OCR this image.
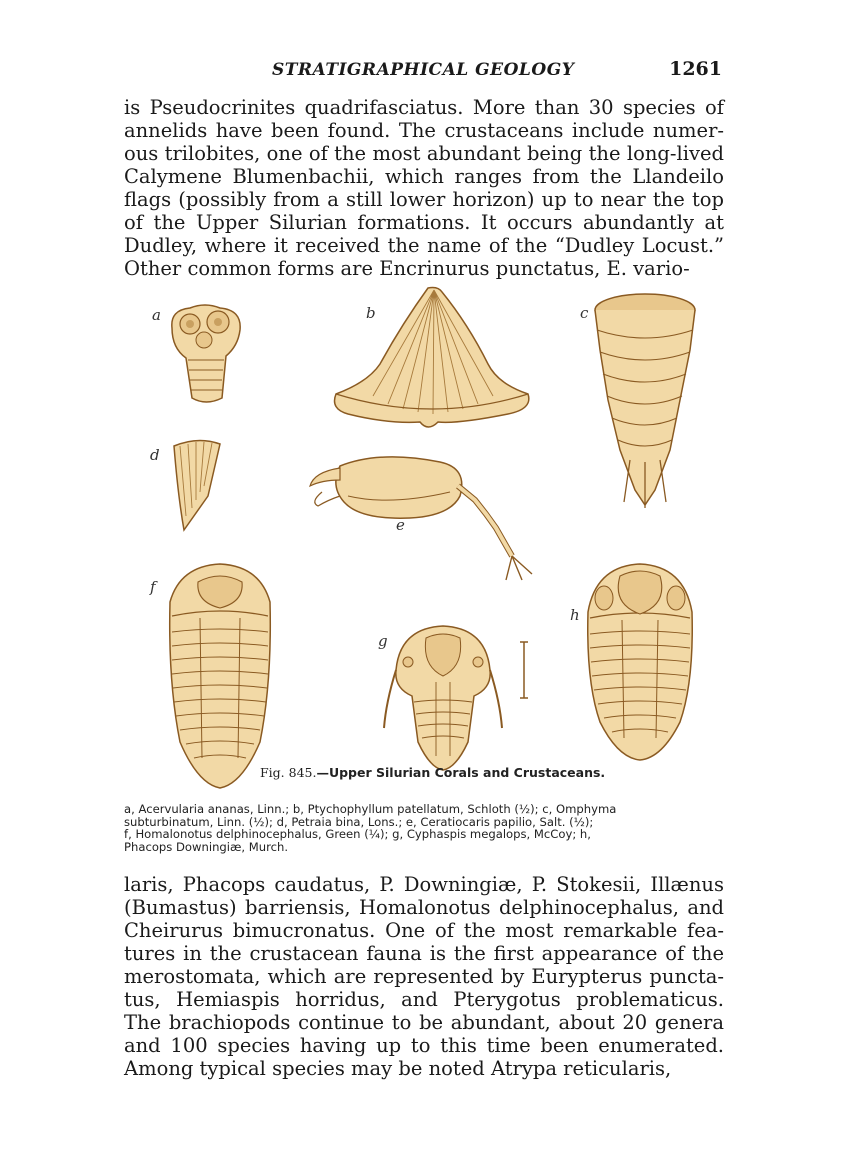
STRATIGRAPHICAL GEOLOGY	1261
is Pseudocrinites quadrifasciatus. More than 30 species of
annelids have been found. The crustaceans include numer-
ous trilobites, one of the most abundant being the long-lived
Calymene Blumenbachii, which ranges from the Llandeilo
flags (possibly from a still lower horizon) up to near the top
of the Upper Silurian formations. It occurs abundantly at
Dudley, where it received the name of the “Dudley Locust.”
Other common forms are Encrinurus punctatus, E. vario-
a	b	c
d
e
f
g
h
Fig. 845.—Upper Silurian Corals and Crustaceans.
a, Acervularia ananas, Linn.; b, Ptychophyllum patellatum, Schloth (½); c, Omphyma
subturbinatum, Linn. (½); d, Petraia bina, Lons.; e, Ceratiocaris papilio, Salt. (½);
f, Homalonotus delphinocephalus, Green (¼); g, Cyphaspis megalops, McCoy; h,
Phacops Downingiæ, Murch.
laris, Phacops caudatus, P. Downingiæ, P. Stokesii, Illænus
(Bumastus) barriensis, Homalonotus delphinocephalus, and
Cheirurus bimucronatus. One of the most remarkable fea-
tures in the crustacean fauna is the first appearance of the
merostomata, which are represented by Eurypterus puncta-
tus, Hemiaspis horridus, and Pterygotus problematicus.
The brachiopods continue to be abundant, about 20 genera
and 100 species having up to this time been enumerated.
Among typical species may be noted Atrypa reticularis,
